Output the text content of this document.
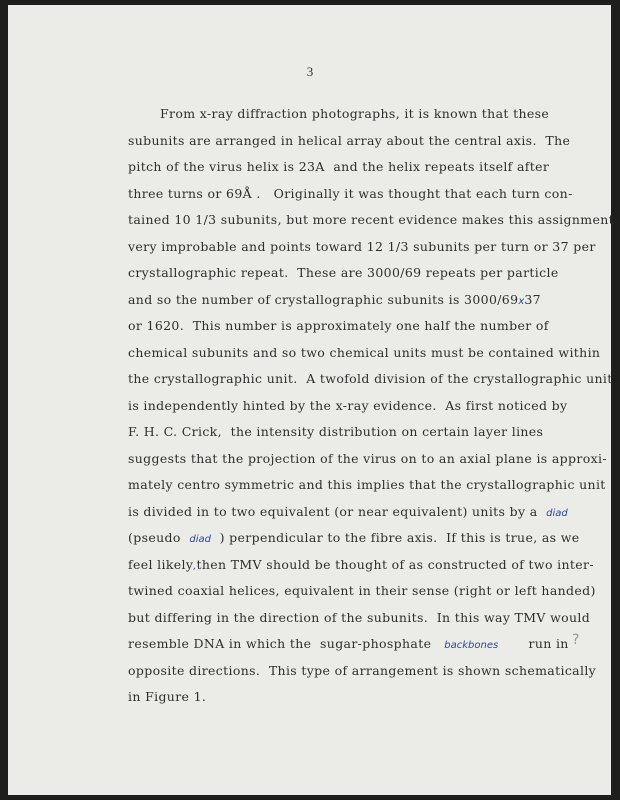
3
From x-ray diffraction photographs, it is known that these
subunits are arranged in helical array about the central axis.  The
pitch of the virus helix is 23A  and the helix repeats itself after
three turns or 69Å .   Originally it was thought that each turn con-
tained 10 1/3 subunits, but more recent evidence makes this assignment
very improbable and points toward 12 1/3 subunits per turn or 37 per
crystallographic repeat.  These are 3000/69 repeats per particle
and so the number of crystallographic subunits is 3000/69x37
or 1620.  This number is approximately one half the number of
chemical subunits and so two chemical units must be contained within
the crystallographic unit.  A twofold division of the crystallographic unit
is independently hinted by the x-ray evidence.  As first noticed by
F. H. C. Crick,  the intensity distribution on certain layer lines
suggests that the projection of the virus on to an axial plane is approxi-
mately centro symmetric and this implies that the crystallographic unit
is divided in to two equivalent (or near equivalent) units by a  diad
(pseudo  diad  ) perpendicular to the fibre axis.  If this is true, as we
feel likely,then TMV should be thought of as constructed of two inter-
twined coaxial helices, equivalent in their sense (right or left handed)
but differing in the direction of the subunits.  In this way TMV would
resemble DNA in which the  sugar-phosphate   backbones       run in
opposite directions.  This type of arrangement is shown schematically
in Figure 1.
?
